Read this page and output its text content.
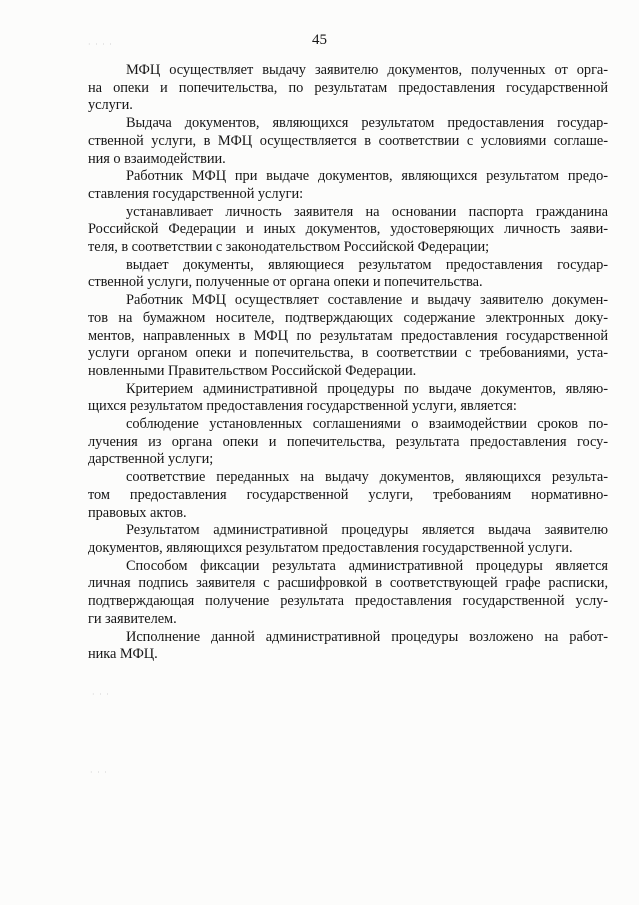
· · · ·
· · ·
· · ·
45

МФЦ осуществляет выдачу заявителю документов, полученных от орга-
на опеки и попечительства, по результатам предоставления государственной
услуги.

Выдача документов, являющихся результатом предоставления государ-
ственной услуги, в МФЦ осуществляется в соответствии с условиями соглаше-
ния о взаимодействии.

Работник МФЦ при выдаче документов, являющихся результатом предо-
ставления государственной услуги:

устанавливает личность заявителя на основании паспорта гражданина
Российской Федерации и иных документов, удостоверяющих личность заяви-
теля, в соответствии с законодательством Российской Федерации;

выдает документы, являющиеся результатом предоставления государ-
ственной услуги, полученные от органа опеки и попечительства.

Работник МФЦ осуществляет составление и выдачу заявителю докумен-
тов на бумажном носителе, подтверждающих содержание электронных доку-
ментов, направленных в МФЦ по результатам предоставления государственной
услуги органом опеки и попечительства, в соответствии с требованиями, уста-
новленными Правительством Российской Федерации.

Критерием административной процедуры по выдаче документов, являю-
щихся результатом предоставления государственной услуги, является:

соблюдение установленных соглашениями о взаимодействии сроков по-
лучения из органа опеки и попечительства, результата предоставления госу-
дарственной услуги;

соответствие переданных на выдачу документов, являющихся результа-
том предоставления государственной услуги, требованиям нормативно-
правовых актов.

Результатом административной процедуры является выдача заявителю
документов, являющихся результатом предоставления государственной услуги.

Способом фиксации результата административной процедуры является
личная подпись заявителя с расшифровкой в соответствующей графе расписки,
подтверждающая получение результата предоставления государственной услу-
ги заявителем.

Исполнение данной административной процедуры возложено на работ-
ника МФЦ.
